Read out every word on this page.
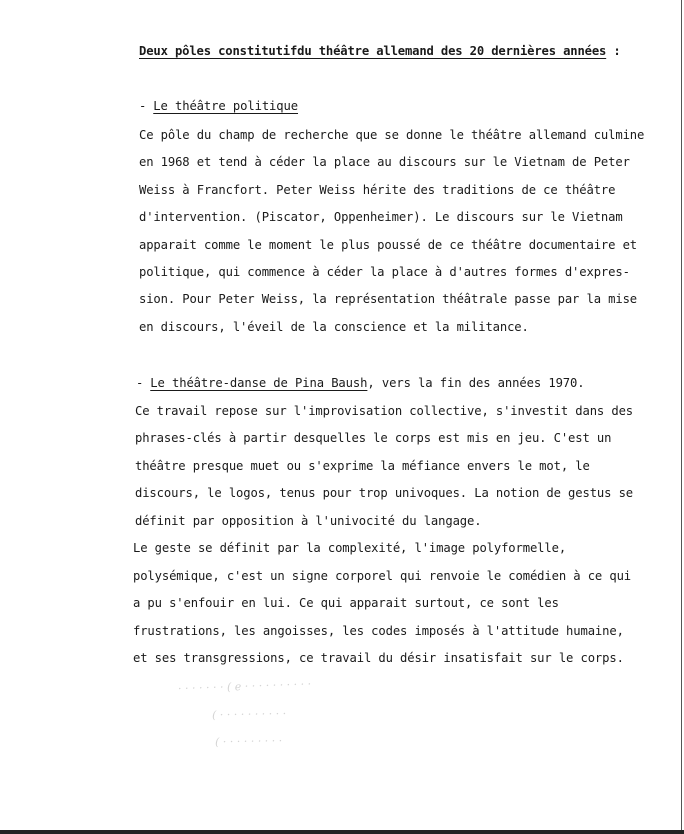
Deux pôles constitutifdu théâtre allemand des 20 dernières années :
- Le théâtre politique
Ce pôle du champ de recherche que se donne le théâtre allemand culmine
en 1968 et tend à céder la place au discours sur le Vietnam de Peter
Weiss à Francfort. Peter Weiss hérite des traditions de ce théâtre
d'intervention. (Piscator, Oppenheimer). Le discours sur le Vietnam
apparait comme le moment le plus poussé de ce théâtre documentaire et
politique, qui commence à céder la place à d'autres formes d'expres-
sion. Pour Peter Weiss, la représentation théâtrale passe par la mise
en discours, l'éveil de la conscience et la militance.
- Le théâtre-danse de Pina Baush, vers la fin des années 1970.
Ce travail repose sur l'improvisation collective, s'investit dans des
phrases-clés à partir desquelles le corps est mis en jeu. C'est un
théâtre presque muet ou s'exprime la méfiance envers le mot, le
discours, le logos, tenus pour trop univoques. La notion de gestus se
définit par opposition à l'univocité du langage.
Le geste se définit par la complexité, l'image polyformelle,
polysémique, c'est un signe corporel qui renvoie le comédien à ce qui
a pu s'enfouir en lui. Ce qui apparait surtout, ce sont les
frustrations, les angoisses, les codes imposés à l'attitude humaine,
et ses transgressions, ce travail du désir insatisfait sur le corps.
· · · · · · · ( e · · · · · · · · · ·
( · · · · · · · · · ·
( · · · · · · · · ·
